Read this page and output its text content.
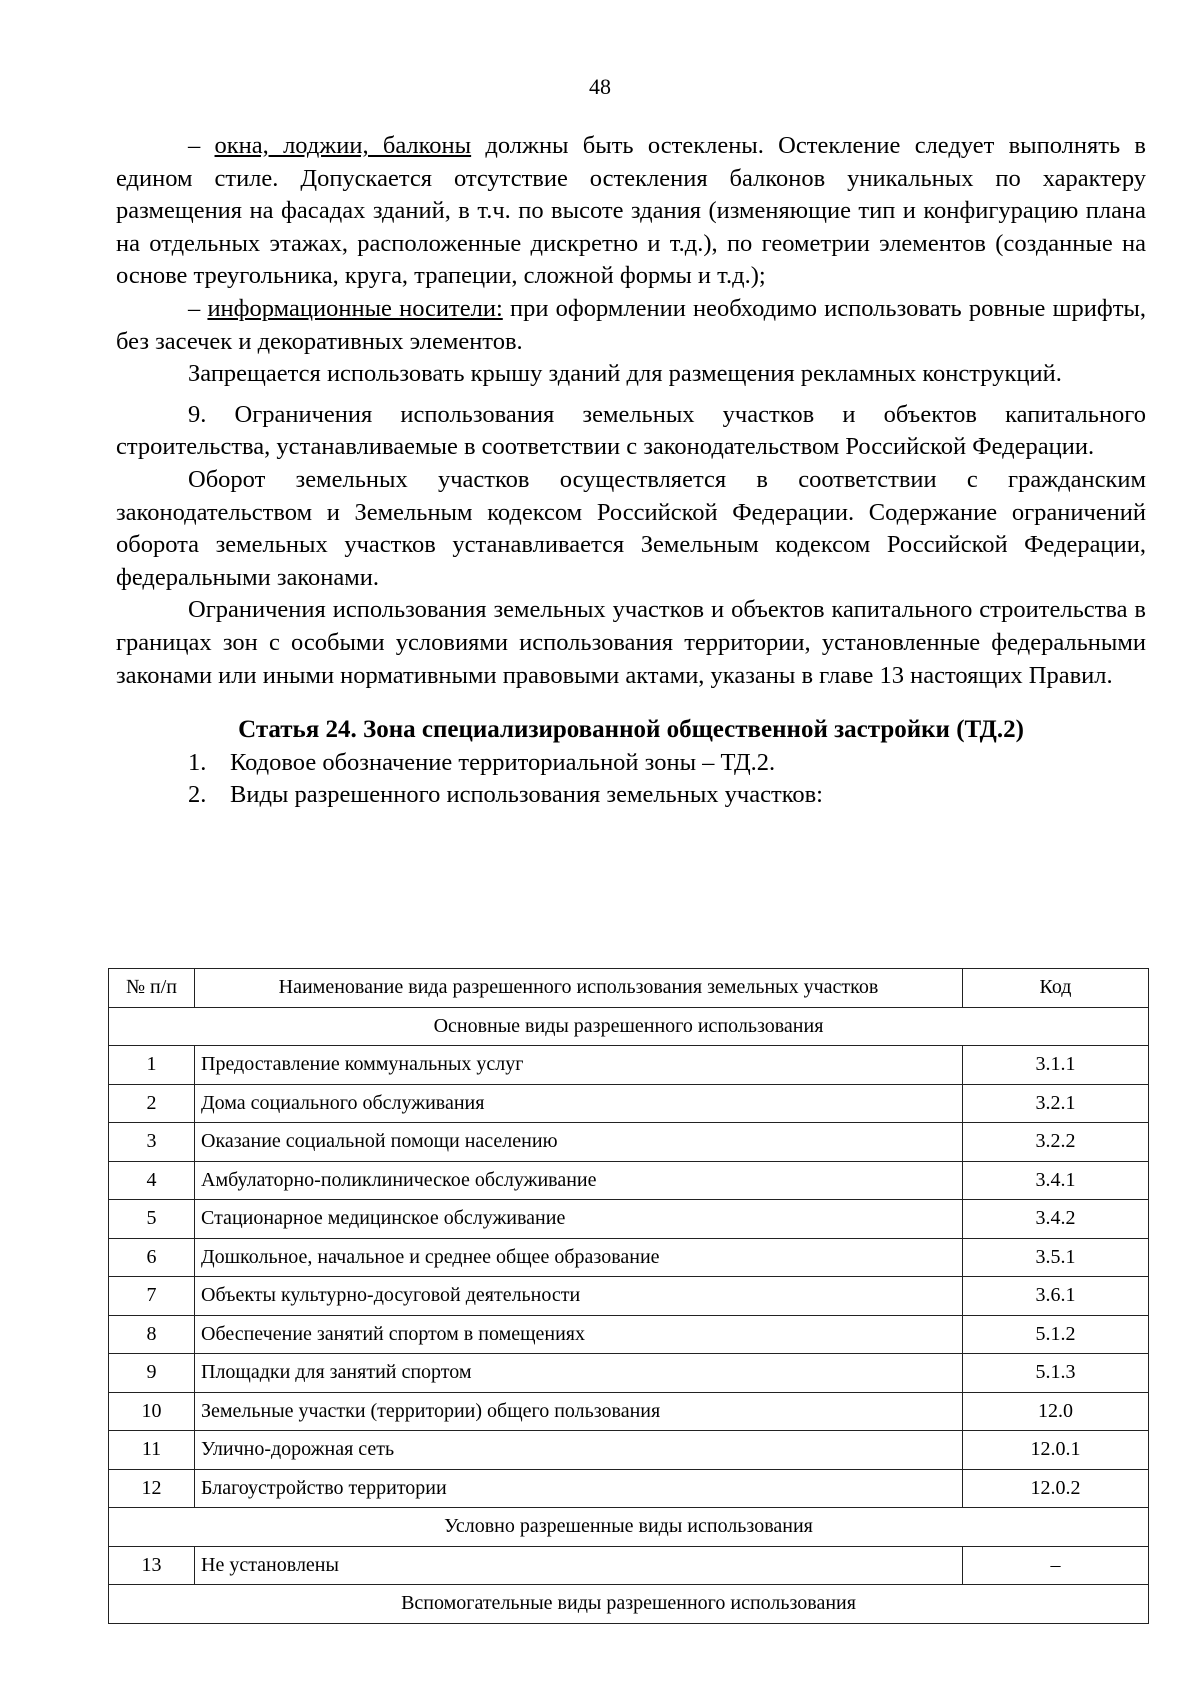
48

– окна, лоджии, балконы должны быть остеклены. Остекление следует выполнять в едином стиле. Допускается отсутствие остекления балконов уникальных по характеру размещения на фасадах зданий, в т.ч. по высоте здания (изменяющие тип и конфигурацию плана на отдельных этажах, расположенные дискретно и т.д.), по геометрии элементов (созданные на основе треугольника, круга, трапеции, сложной формы и т.д.);

– информационные носители: при оформлении необходимо использовать ровные шрифты, без засечек и декоративных элементов.

Запрещается использовать крышу зданий для размещения рекламных конструкций.

9. Ограничения использования земельных участков и объектов капитального строительства, устанавливаемые в соответствии с законодательством Российской Федерации.

Оборот земельных участков осуществляется в соответствии с гражданским законодательством и Земельным кодексом Российской Федерации. Содержание ограничений оборота земельных участков устанавливается Земельным кодексом Российской Федерации, федеральными законами.

Ограничения использования земельных участков и объектов капитального строительства в границах зон с особыми условиями использования территории, установленные федеральными законами или иными нормативными правовыми актами, указаны в главе 13 настоящих Правил.

Статья 24. Зона специализированной общественной застройки (ТД.2)

1. Кодовое обозначение территориальной зоны – ТД.2.

2. Виды разрешенного использования земельных участков:

№ п/п	Наименование вида разрешенного использования земельных участков	Код
Основные виды разрешенного использования		
1	Предоставление коммунальных услуг	3.1.1
2	Дома социального обслуживания	3.2.1
3	Оказание социальной помощи населению	3.2.2
4	Амбулаторно-поликлиническое обслуживание	3.4.1
5	Стационарное медицинское обслуживание	3.4.2
6	Дошкольное, начальное и среднее общее образование	3.5.1
7	Объекты культурно-досуговой деятельности	3.6.1
8	Обеспечение занятий спортом в помещениях	5.1.2
9	Площадки для занятий спортом	5.1.3
10	Земельные участки (территории) общего пользования	12.0
11	Улично-дорожная сеть	12.0.1
12	Благоустройство территории	12.0.2
Условно разрешенные виды использования		
13	Не установлены	–
Вспомогательные виды разрешенного использования		
